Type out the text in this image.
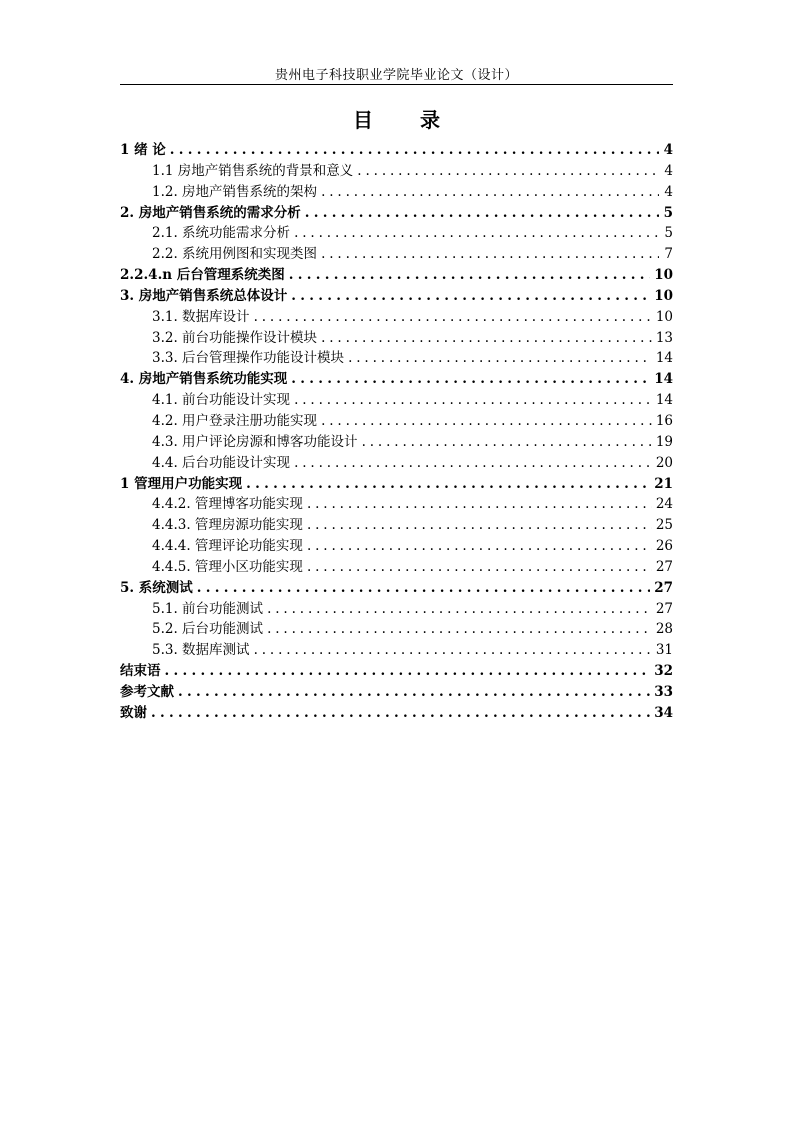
贵州电子科技职业学院毕业论文（设计）
目 录
1 绪 论 . . .	4
1.1 房地产销售系统的背景和意义 . . .	4
1.2. 房地产销售系统的架构 . . .	4
2. 房地产销售系统的需求分析 . . .	5
2.1. 系统功能需求分析 . . .	5
2.2. 系统用例图和实现类图 . . .	7
2.2.4.n 后台管理系统类图 . . .	10
3. 房地产销售系统总体设计 . . .	10
3.1. 数据库设计 . . .	10
3.2. 前台功能操作设计模块 . . .	13
3.3. 后台管理操作功能设计模块 . . .	14
4. 房地产销售系统功能实现 . . .	14
4.1. 前台功能设计实现 . . .	14
4.2. 用户登录注册功能实现 . . .	16
4.3. 用户评论房源和博客功能设计 . . .	19
4.4. 后台功能设计实现 . . .	20
1 管理用户功能实现 . . .	21
4.4.2. 管理博客功能实现 . . .	24
4.4.3. 管理房源功能实现 . . .	25
4.4.4. 管理评论功能实现 . . .	26
4.4.5. 管理小区功能实现 . . .	27
5. 系统测试 . . .	27
5.1. 前台功能测试 . . .	27
5.2. 后台功能测试 . . .	28
5.3. 数据库测试 . . .	31
结束语 . . .	32
参考文献 . . .	33
致谢 . . .	34
